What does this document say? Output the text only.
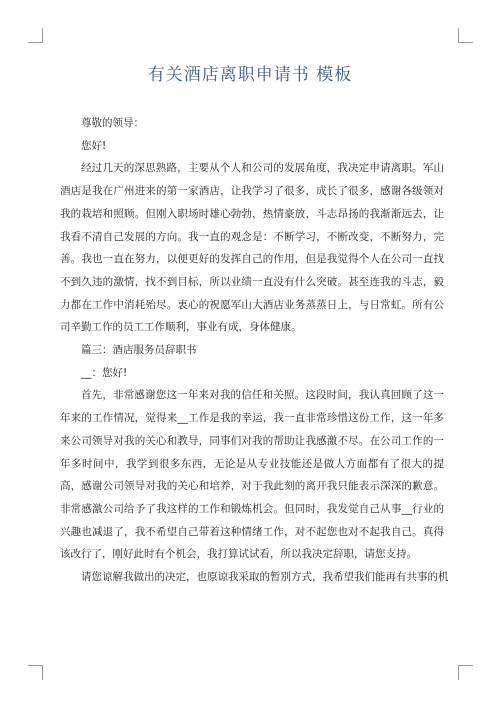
有关酒店离职申请书 模板

尊敬的领导：

您好!

经过几天的深思熟路，主要从个人和公司的发展角度，我决定申请离职。军山酒店是我在广州进来的第一家酒店，让我学习了很多，成长了很多，感谢各级领对我的栽培和照顾。但刚入职场时雄心勃勃，热情豪放，斗志昂扬的我渐渐远去，让我看不清自己发展的方向。我一直的观念是：不断学习，不断改变，不断努力，完善。我也一直在努力，以便更好的发挥自己的作用，但是我觉得个人在公司一直找不到久违的激情，找不到目标，所以业绩一直没有什么突破。甚至连我的斗志，毅力都在工作中消耗殆尽。衷心的祝愿军山大酒店业务蒸蒸日上，与日常虹。所有公司辛勤工作的员工工作顺利，事业有成，身体健康。

篇三：酒店服务员辞职书

__：您好!

首先，非常感谢您这一年来对我的信任和关照。这段时间，我认真回顾了这一年来的工作情况，觉得来__工作是我的幸运，我一直非常珍惜这份工作，这一年多来公司领导对我的关心和教导，同事们对我的帮助让我感激不尽。在公司工作的一年多时间中，我学到很多东西，无论是从专业技能还是做人方面都有了很大的提高，感谢公司领导对我的关心和培养，对于我此刻的离开我只能表示深深的歉意。非常感激公司给予了我这样的工作和锻炼机会。但同时，我发觉自己从事__行业的兴趣也减退了，我不希望自己带着这种情绪工作，对不起您也对不起我自己。真得该改行了，刚好此时有个机会，我打算试试看，所以我决定辞职，请您支持。

请您谅解我做出的决定，也原谅我采取的暂别方式，我希望我们能再有共事的机
